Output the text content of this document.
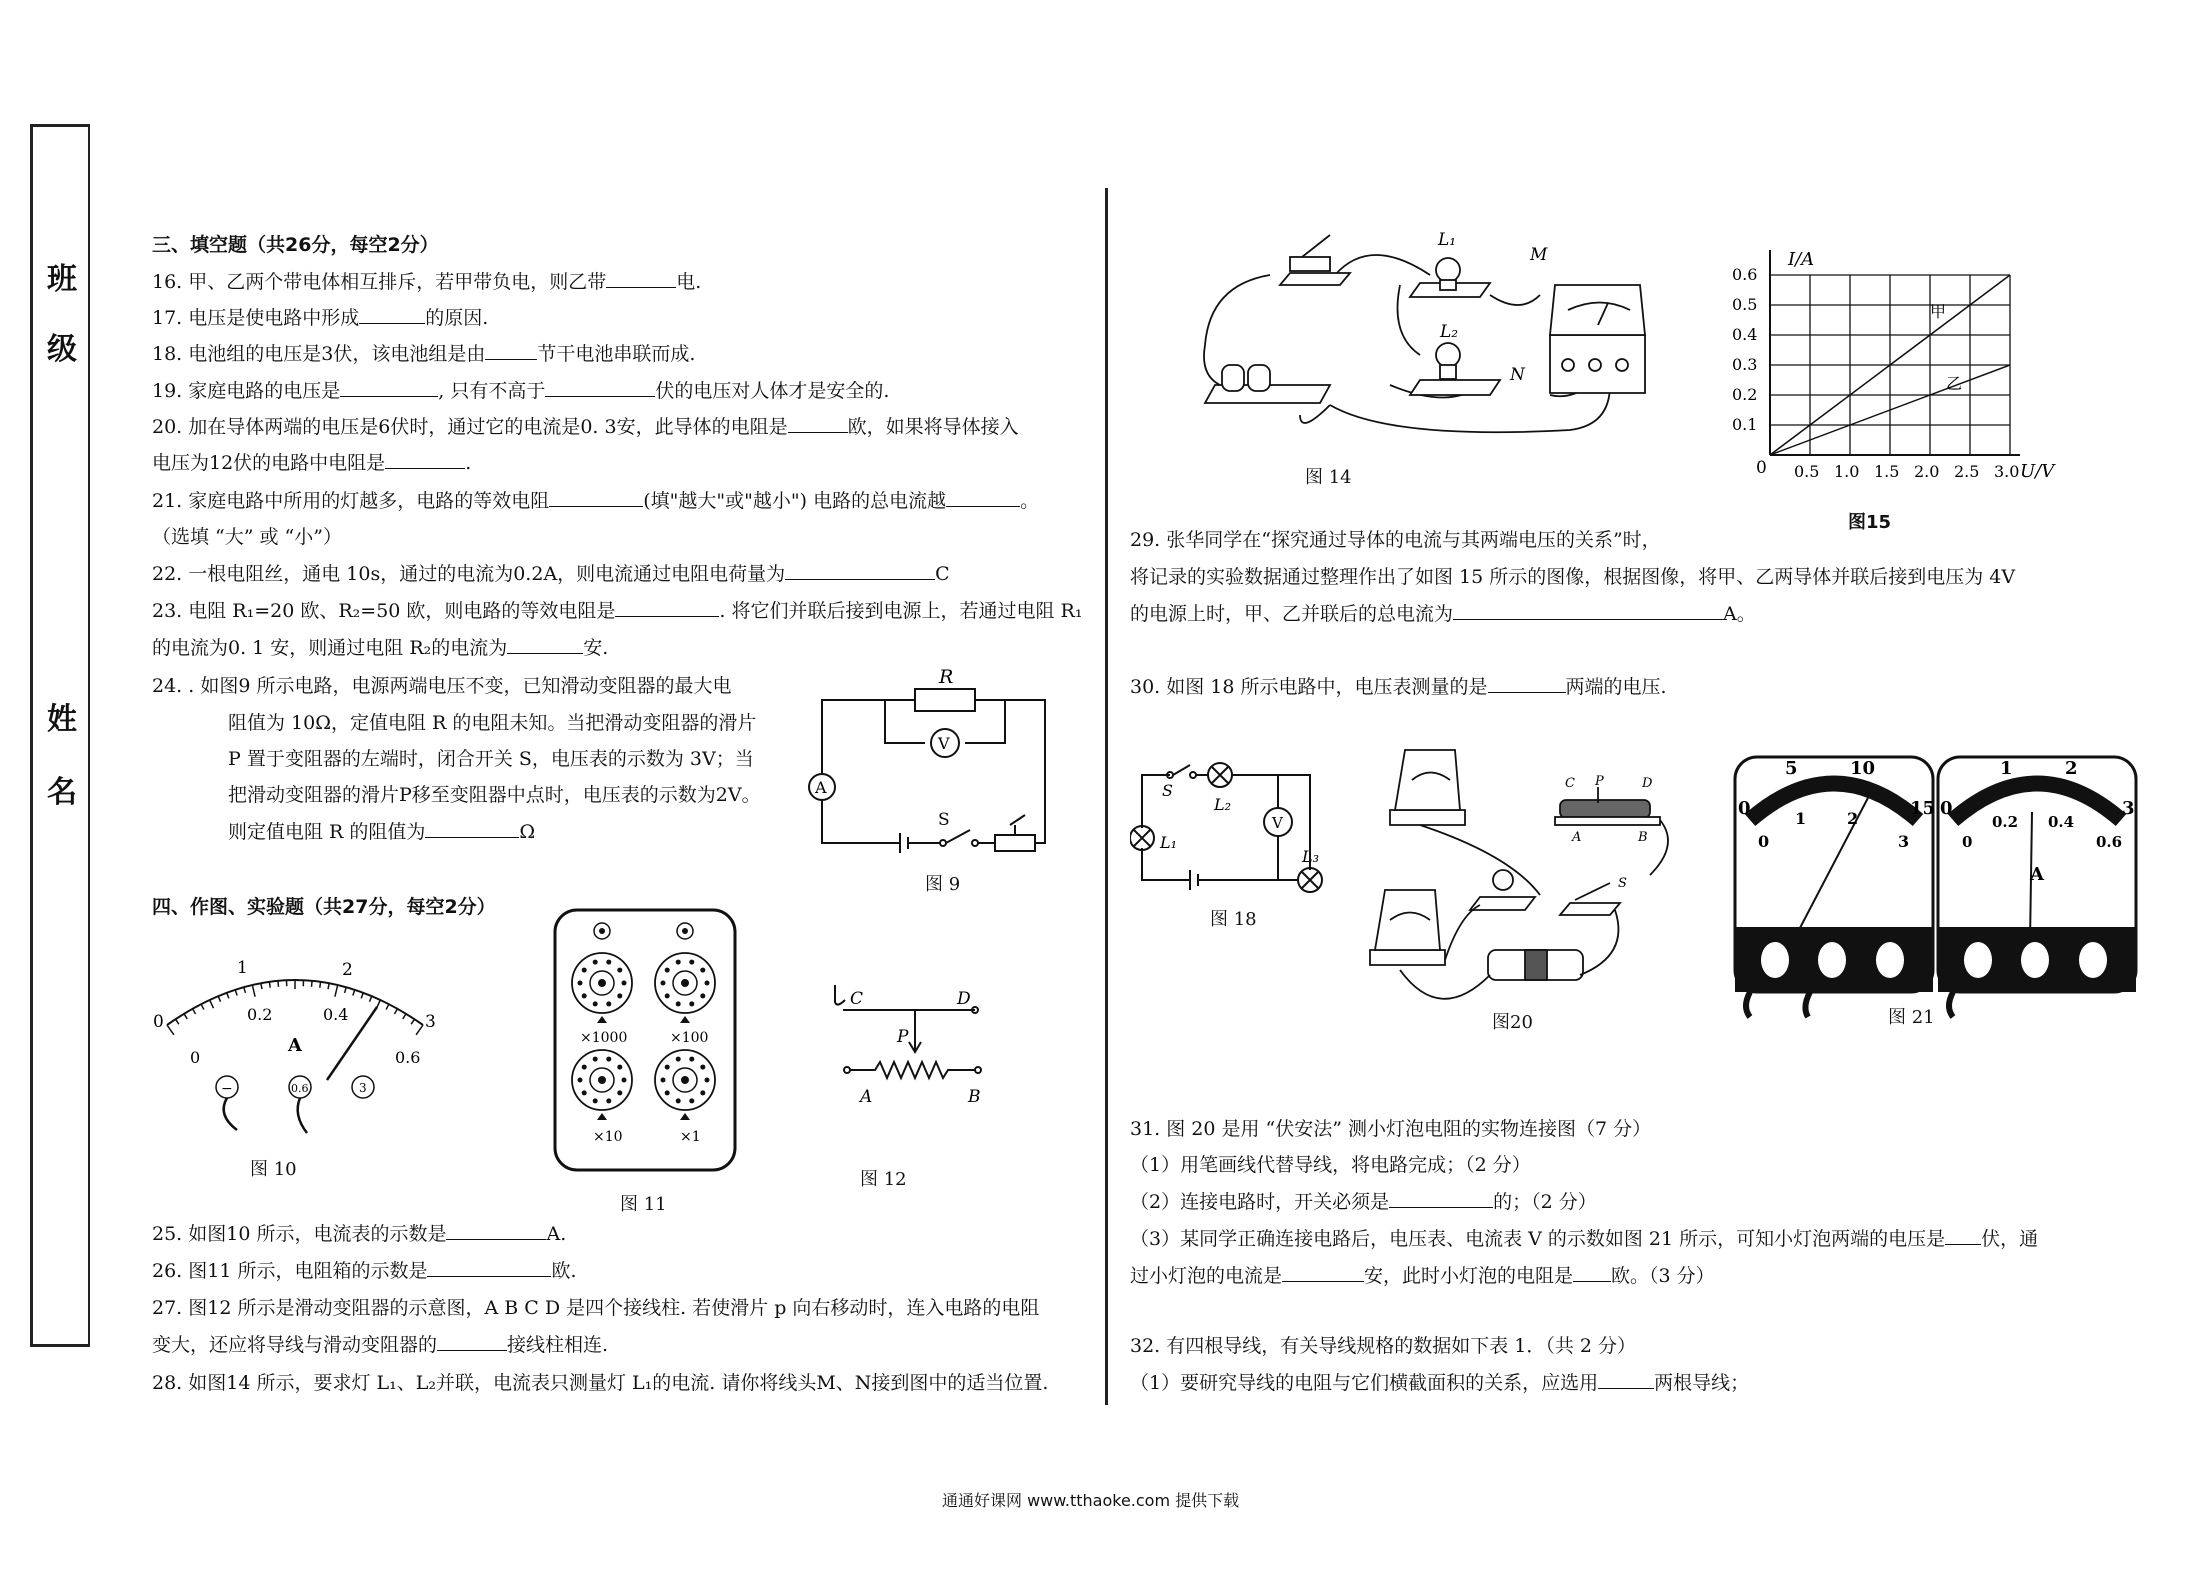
班
级
姓
名
三、填空题（共26分，每空2分）
16. 甲、乙两个带电体相互排斥，若甲带负电，则乙带	电.
17. 电压是使电路中形成	的原因.
18. 电池组的电压是3伏，该电池组是由	节干电池串联而成.
19. 家庭电路的电压是	, 只有不高于	伏的电压对人体才是安全的.
20. 加在导体两端的电压是6伏时，通过它的电流是0. 3安，此导体的电阻是	欧，如果将导体接入
电压为12伏的电路中电阻是	.
21. 家庭电路中所用的灯越多，电路的等效电阻	(填"越大"或"越小") 电路的总电流越	。
（选填 “大” 或 “小”）
22. 一根电阻丝，通电 10s，通过的电流为0.2A，则电流通过电阻电荷量为	C
23. 电阻 R₁=20 欧、R₂=50 欧，则电路的等效电阻是	. 将它们并联后接到电源上，若通过电阻 R₁
的电流为0. 1 安，则通过电阻 R₂的电流为	安.
24. . 如图9 所示电路，电源两端电压不变，已知滑动变阻器的最大电
阻值为 10Ω，定值电阻 R 的电阻未知。当把滑动变阻器的滑片
P 置于变阻器的左端时，闭合开关 S，电压表的示数为 3V；当
把滑动变阻器的滑片P移至变阻器中点时，电压表的示数为2V。
则定值电阻 R 的阻值为	Ω
四、作图、实验题（共27分，每空2分）
25. 如图10 所示，电流表的示数是	A.
26. 图11 所示，电阻箱的示数是	欧.
27. 图12 所示是滑动变阻器的示意图，A B C D 是四个接线柱. 若使滑片 p 向右移动时，连入电路的电阻
变大，还应将导线与滑动变阻器的	接线柱相连.
28. 如图14 所示，要求灯 L₁、L₂并联，电流表只测量灯 L₁的电流. 请你将线头M、N接到图中的适当位置.
R
V
A
S
图 9
0
1	2
3
0
0.2	0.4
0.6
A
−	0.6	3
图 10
×1000	×100
×10	×1
图 11
C	D
P
A	B
图 12
L₁
L₂
M
N
图 14
0.1
0.2
0.3
0.4
0.5
0.6
0.5 1.0 1.5 2.0 2.5 3.0
甲
乙
I/A
U/V
0
图15
29. 张华同学在“探究通过导体的电流与其两端电压的关系”时，
将记录的实验数据通过整理作出了如图 15 所示的图像，根据图像，将甲、乙两导体并联后接到电压为 4V
的电源上时，甲、乙并联后的总电流为	A。
30. 如图 18 所示电路中，电压表测量的是	两端的电压.
S
L₁
L₂
V
L₃
图 18
C P	D
A	B
S
图20
0
5	10
15
0
1	2
3
0
1	2
3
0
0.2 0.4
0.6
A
图 21
31. 图 20 是用 “伏安法” 测小灯泡电阻的实物连接图（7 分）
（1）用笔画线代替导线，将电路完成；（2 分）
（2）连接电路时，开关必须是	的；（2 分）
（3）某同学正确连接电路后，电压表、电流表 V 的示数如图 21 所示，可知小灯泡两端的电压是 伏，通
过小灯泡的电流是	安，此时小灯泡的电阻是 欧。（3 分）
32. 有四根导线，有关导线规格的数据如下表 1．（共 2 分）
（1）要研究导线的电阻与它们横截面积的关系，应选用	两根导线；
通通好课网 www.tthaoke.com 提供下载
